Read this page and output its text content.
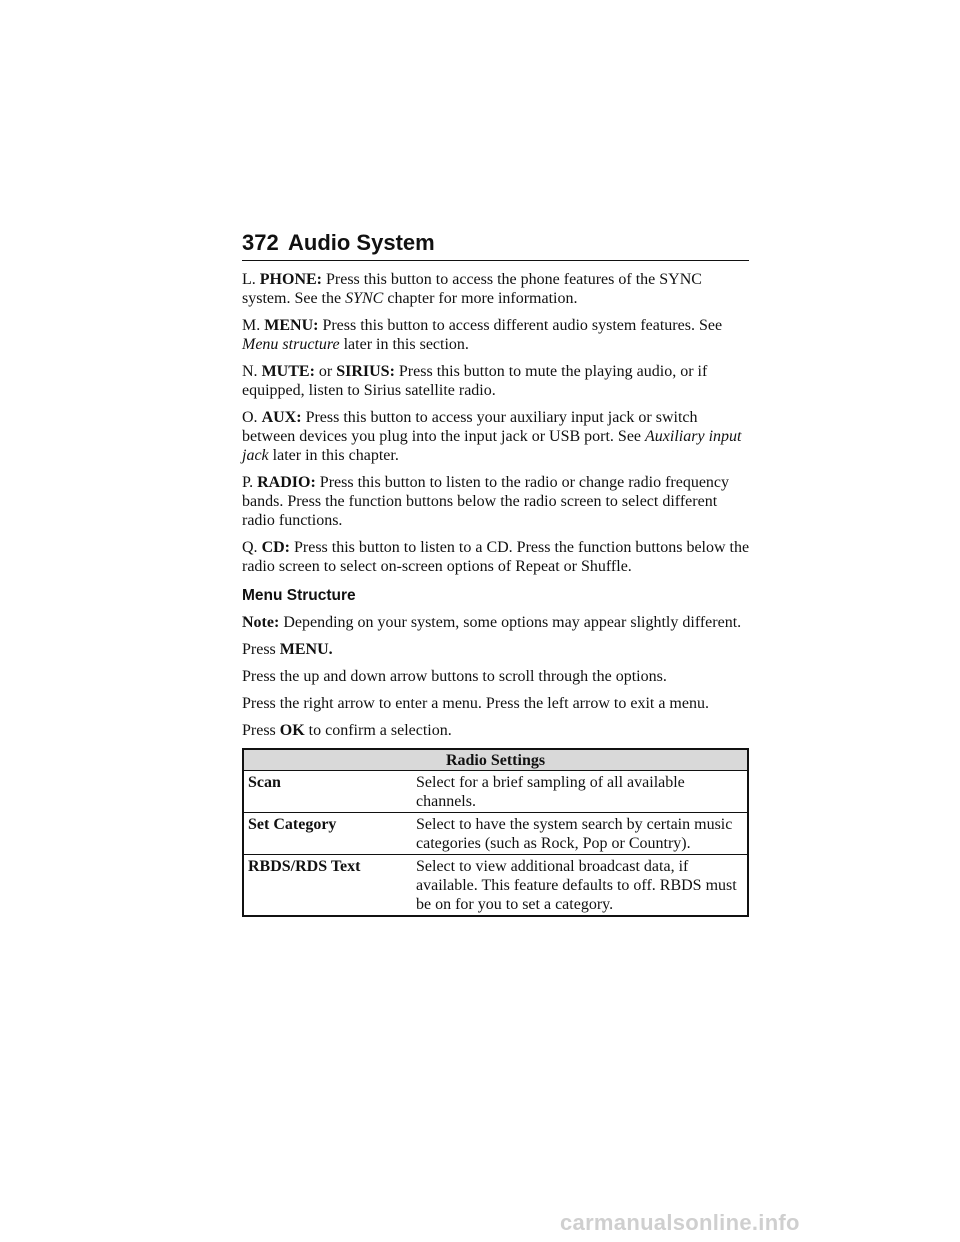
372 Audio System

L. PHONE: Press this button to access the phone features of the SYNC system. See the SYNC chapter for more information.

M. MENU: Press this button to access different audio system features. See Menu structure later in this section.

N. MUTE: or SIRIUS: Press this button to mute the playing audio, or if equipped, listen to Sirius satellite radio.

O. AUX: Press this button to access your auxiliary input jack or switch between devices you plug into the input jack or USB port. See Auxiliary input jack later in this chapter.

P. RADIO: Press this button to listen to the radio or change radio frequency bands. Press the function buttons below the radio screen to select different radio functions.

Q. CD: Press this button to listen to a CD. Press the function buttons below the radio screen to select on-screen options of Repeat or Shuffle.

Menu Structure

Note: Depending on your system, some options may appear slightly different.

Press MENU.

Press the up and down arrow buttons to scroll through the options.

Press the right arrow to enter a menu. Press the left arrow to exit a menu.

Press OK to confirm a selection.

Radio Settings	
Scan	Select for a brief sampling of all available channels.
Set Category	Select to have the system search by certain music categories (such as Rock, Pop or Country).
RBDS/RDS Text	Select to view additional broadcast data, if available. This feature defaults to off. RBDS must be on for you to set a category.
carmanualsonline.info
